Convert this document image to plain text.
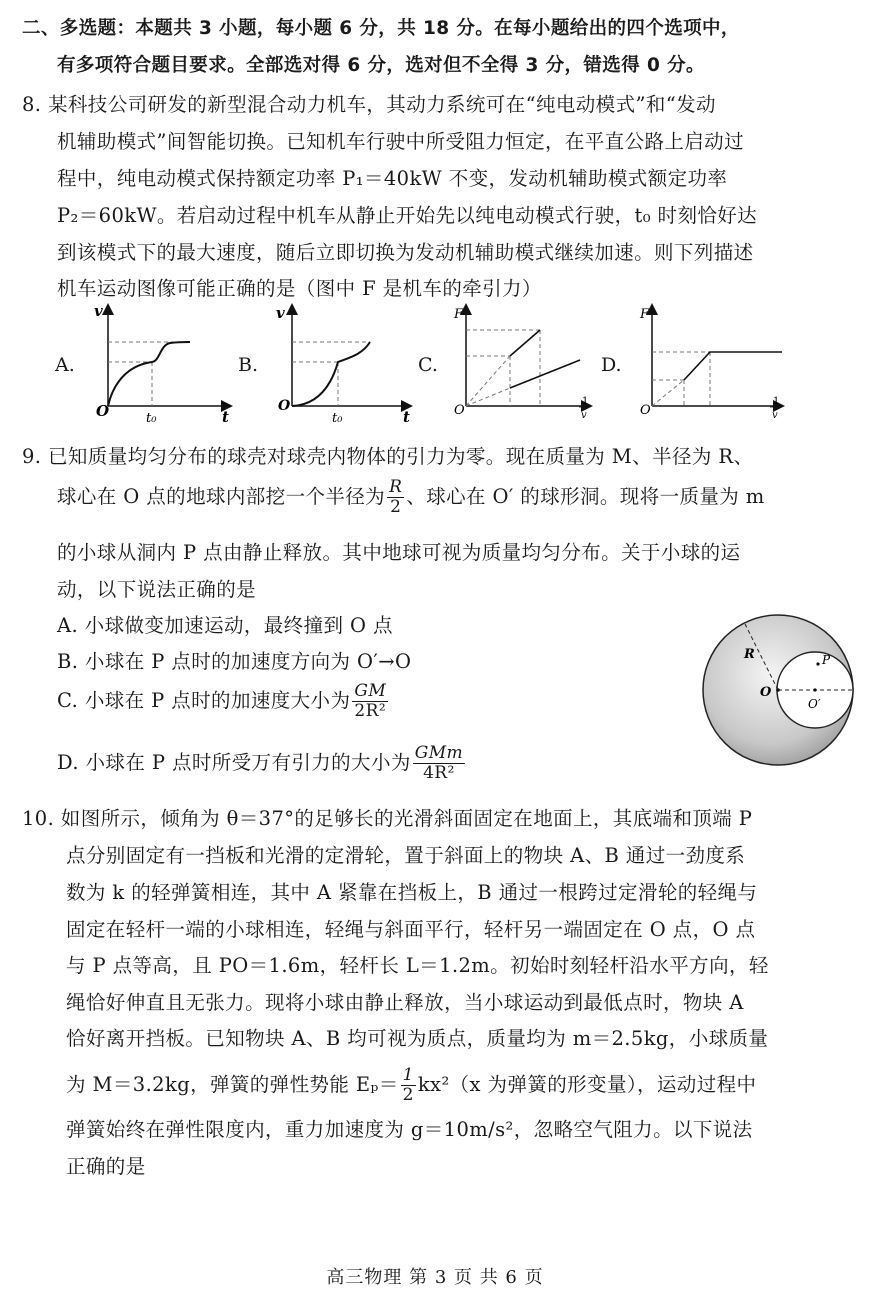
二、多选题：本题共 3 小题，每小题 6 分，共 18 分。在每小题给出的四个选项中，
有多项符合题目要求。全部选对得 6 分，选对但不全得 3 分，错选得 0 分。
8. 某科技公司研发的新型混合动力机车，其动力系统可在“纯电动模式”和“发动
机辅助模式”间智能切换。已知机车行驶中所受阻力恒定，在平直公路上启动过
程中，纯电动模式保持额定功率 P₁＝40kW 不变，发动机辅助模式额定功率
P₂＝60kW。若启动过程中机车从静止开始先以纯电动模式行驶，t₀ 时刻恰好达
到该模式下的最大速度，随后立即切换为发动机辅助模式继续加速。则下列描述
机车运动图像可能正确的是（图中 F 是机车的牵引力）
A.	B.	C.	D.
v
O	t₀	t
v
O
t₀	t
F
O
1
v
F
O
1
v
9. 已知质量均匀分布的球壳对球壳内物体的引力为零。现在质量为 M、半径为 R、
球心在 O 点的地球内部挖一个半径为 $\frac{R}{2}$ 、球心在 O′ 的球形洞。现将一质量为 m
的小球从洞内 P 点由静止释放。其中地球可视为质量均匀分布。关于小球的运
动，以下说法正确的是
A. 小球做变加速运动，最终撞到 O 点
B. 小球在 P 点时的加速度方向为 O′→O
C. 小球在 P 点时的加速度大小为 $\frac{GM}{\text{2R²}}$
D. 小球在 P 点时所受万有引力的大小为 $\frac{\text{GMm}}{\text{4R²}}$
R
O
O′
P
10. 如图所示，倾角为 θ＝37°的足够长的光滑斜面固定在地面上，其底端和顶端 P
点分别固定有一挡板和光滑的定滑轮，置于斜面上的物块 A、B 通过一劲度系
数为 k 的轻弹簧相连，其中 A 紧靠在挡板上，B 通过一根跨过定滑轮的轻绳与
固定在轻杆一端的小球相连，轻绳与斜面平行，轻杆另一端固定在 O 点，O 点
与 P 点等高，且 PO＝1.6m，轻杆长 L＝1.2m。初始时刻轻杆沿水平方向，轻
绳恰好伸直且无张力。现将小球由静止释放，当小球运动到最低点时，物块 A
恰好离开挡板。已知物块 A、B 均可视为质点，质量均为 m＝2.5kg，小球质量
为 M＝3.2kg，弹簧的弹性势能 $E_p= \frac{1}{2} kx^2(x$ 为弹簧的形变量），运动过程中
弹簧始终在弹性限度内，重力加速度为 g＝10m/s²，忽略空气阻力。以下说法
正确的是
高三物理 第 3 页 共 6 页
